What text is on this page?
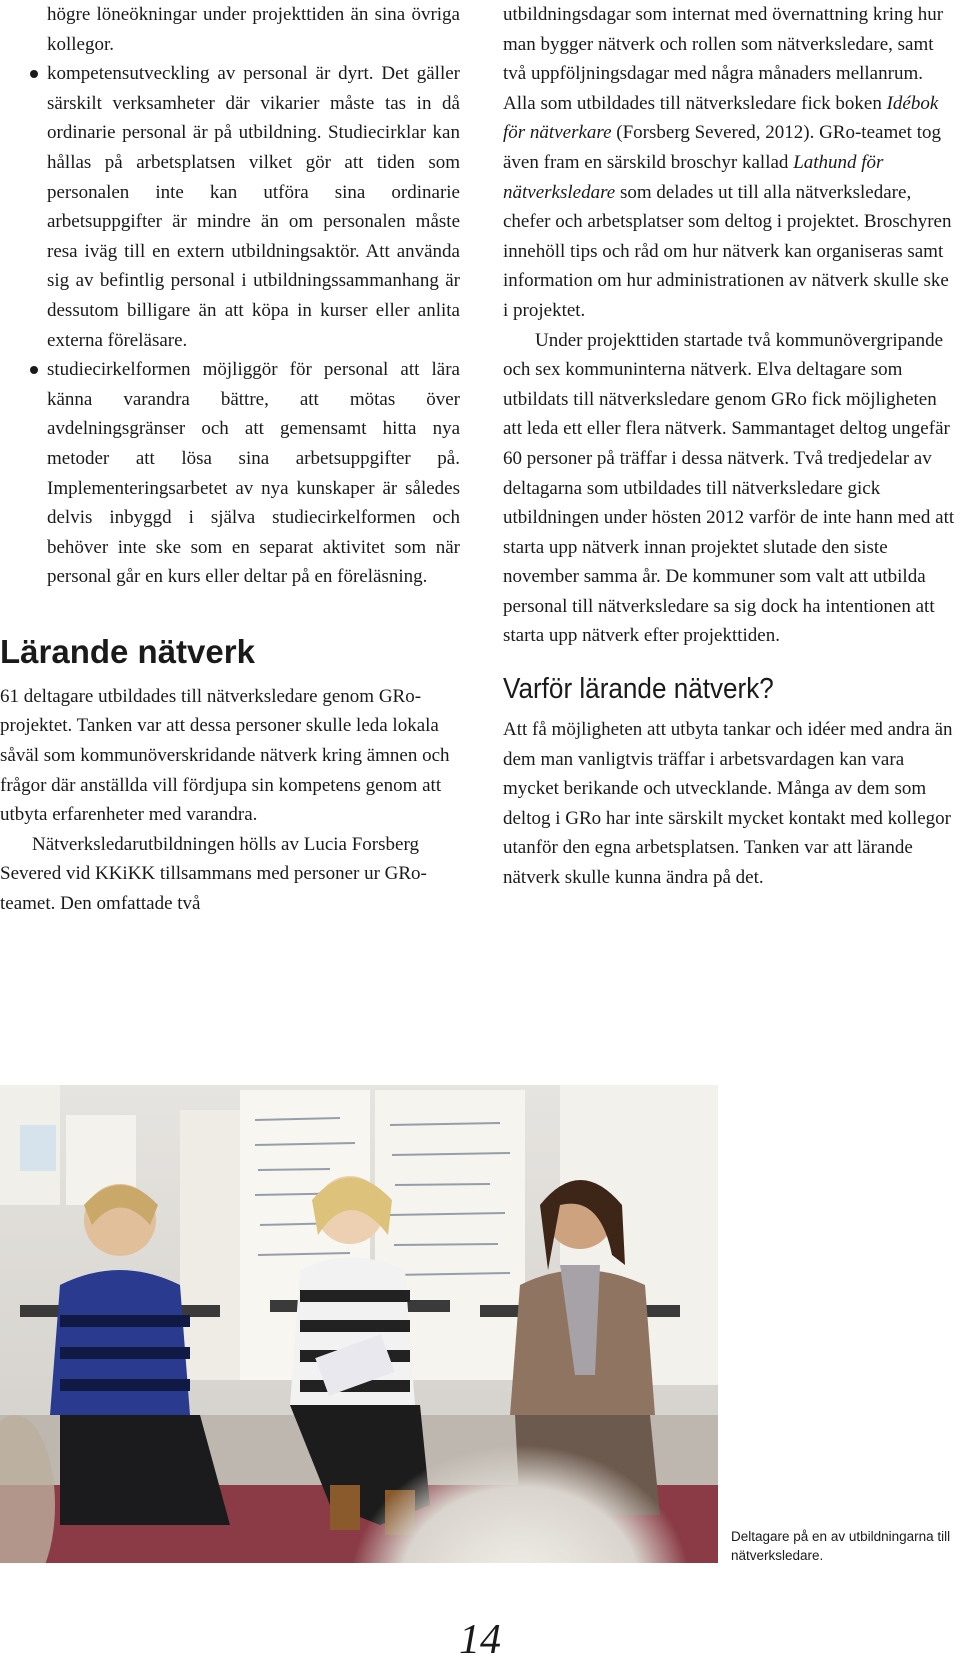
högre löneökningar under projekttiden än sina övriga kollegor.

kompetensutveckling av personal är dyrt. Det gäller särskilt verksamheter där vikarier måste tas in då ordinarie personal är på utbildning. Studiecirklar kan hållas på arbetsplatsen vilket gör att tiden som personalen inte kan utföra sina ordinarie arbetsuppgifter är mindre än om personalen måste resa iväg till en extern utbildningsaktör. Att använda sig av befintlig personal i utbildningssammanhang är dessutom billigare än att köpa in kurser eller anlita externa föreläsare.
studiecirkelformen möjliggör för personal att lära känna varandra bättre, att mötas över avdelningsgränser och att gemensamt hitta nya metoder att lösa sina arbetsuppgifter på. Implementeringsarbetet av nya kunskaper är således delvis inbyggd i själva studiecirkelformen och behöver inte ske som en separat aktivitet som när personal går en kurs eller deltar på en föreläsning.
Lärande nätverk

61 deltagare utbildades till nätverksledare genom GRo-projektet. Tanken var att dessa personer skulle leda lokala såväl som kommunöverskridande nätverk kring ämnen och frågor där anställda vill fördjupa sin kompetens genom att utbyta erfarenheter med varandra.

Nätverksledarutbildningen hölls av Lucia Forsberg Severed vid KKiKK tillsammans med personer ur GRo-teamet. Den omfattade två

utbildningsdagar som internat med övernattning kring hur man bygger nätverk och rollen som nätverksledare, samt två uppföljningsdagar med några månaders mellanrum. Alla som utbildades till nätverksledare fick boken Idébok för nätverkare (Forsberg Severed, 2012). GRo-teamet tog även fram en särskild broschyr kallad Lathund för nätverksledare som delades ut till alla nätverksledare, chefer och arbetsplatser som deltog i projektet. Broschyren innehöll tips och råd om hur nätverk kan organiseras samt information om hur administrationen av nätverk skulle ske i projektet.

Under projekttiden startade två kommunövergripande och sex kommuninterna nätverk. Elva deltagare som utbildats till nätverksledare genom GRo fick möjligheten att leda ett eller flera nätverk. Sammantaget deltog ungefär 60 personer på träffar i dessa nätverk. Två tredjedelar av deltagarna som utbildades till nätverksledare gick utbildningen under hösten 2012 varför de inte hann med att starta upp nätverk innan projektet slutade den siste november samma år. De kommuner som valt att utbilda personal till nätverksledare sa sig dock ha intentionen att starta upp nätverk efter projekttiden.

Varför lärande nätverk?

Att få möjligheten att utbyta tankar och idéer med andra än dem man vanligtvis träffar i arbetsvardagen kan vara mycket berikande och utvecklande. Många av dem som deltog i GRo har inte särskilt mycket kontakt med kollegor utanför den egna arbetsplatsen. Tanken var att lärande nätverk skulle kunna ändra på det.

Deltagare på en av utbildningarna till nätverksledare.
14
